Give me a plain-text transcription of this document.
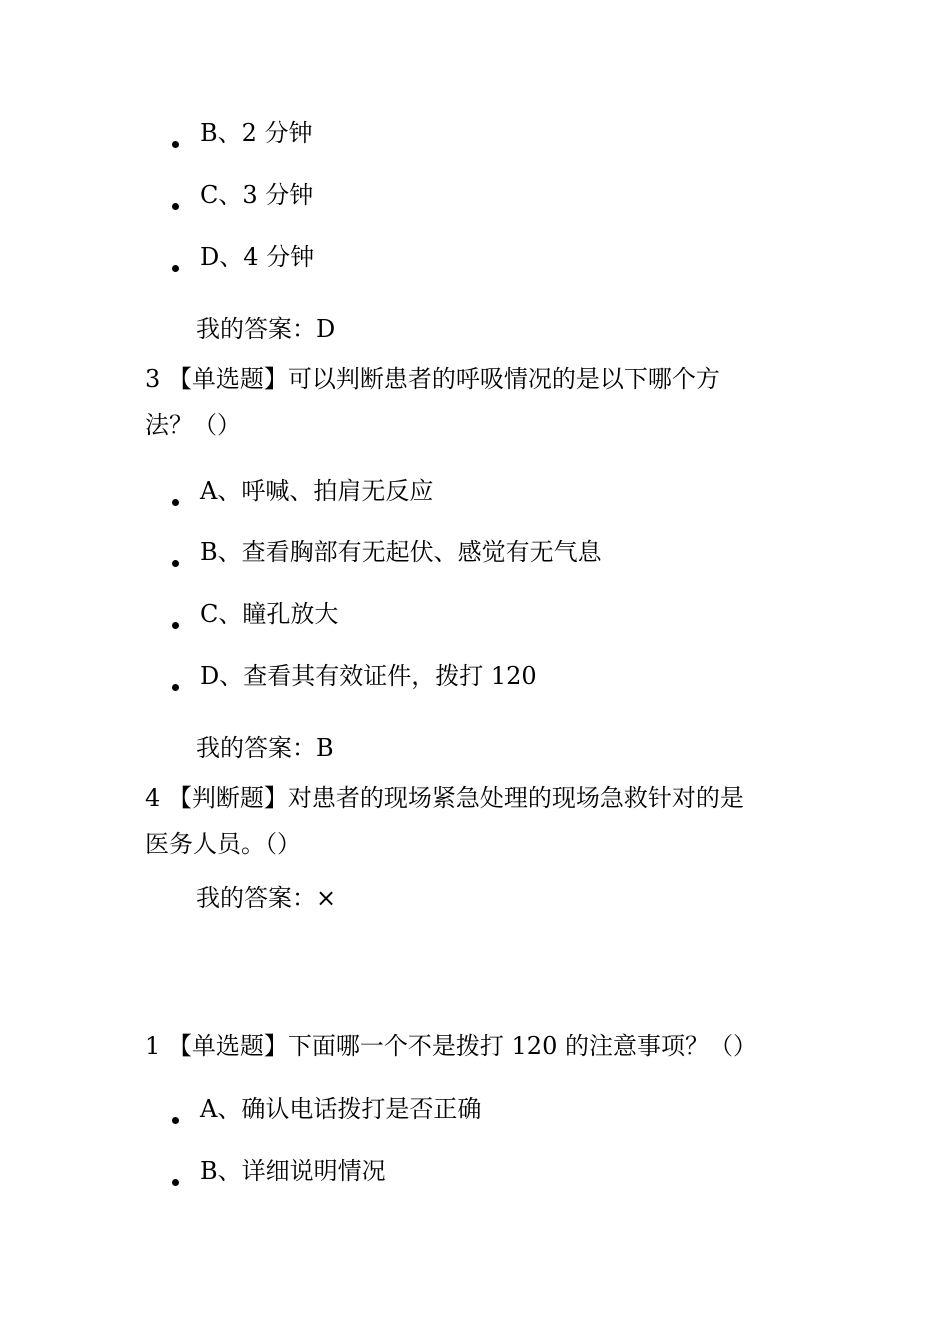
B、2 分钟
C、3 分钟
D、4 分钟
我的答案：D
3 【单选题】可以判断患者的呼吸情况的是以下哪个方
法？（）
A、呼喊、拍肩无反应
B、查看胸部有无起伏、感觉有无气息
C、瞳孔放大
D、查看其有效证件，拨打 120
我的答案：B
4 【判断题】对患者的现场紧急处理的现场急救针对的是
医务人员。（）
我的答案：×
1 【单选题】下面哪一个不是拨打 120 的注意事项？（）
A、确认电话拨打是否正确
B、详细说明情况
